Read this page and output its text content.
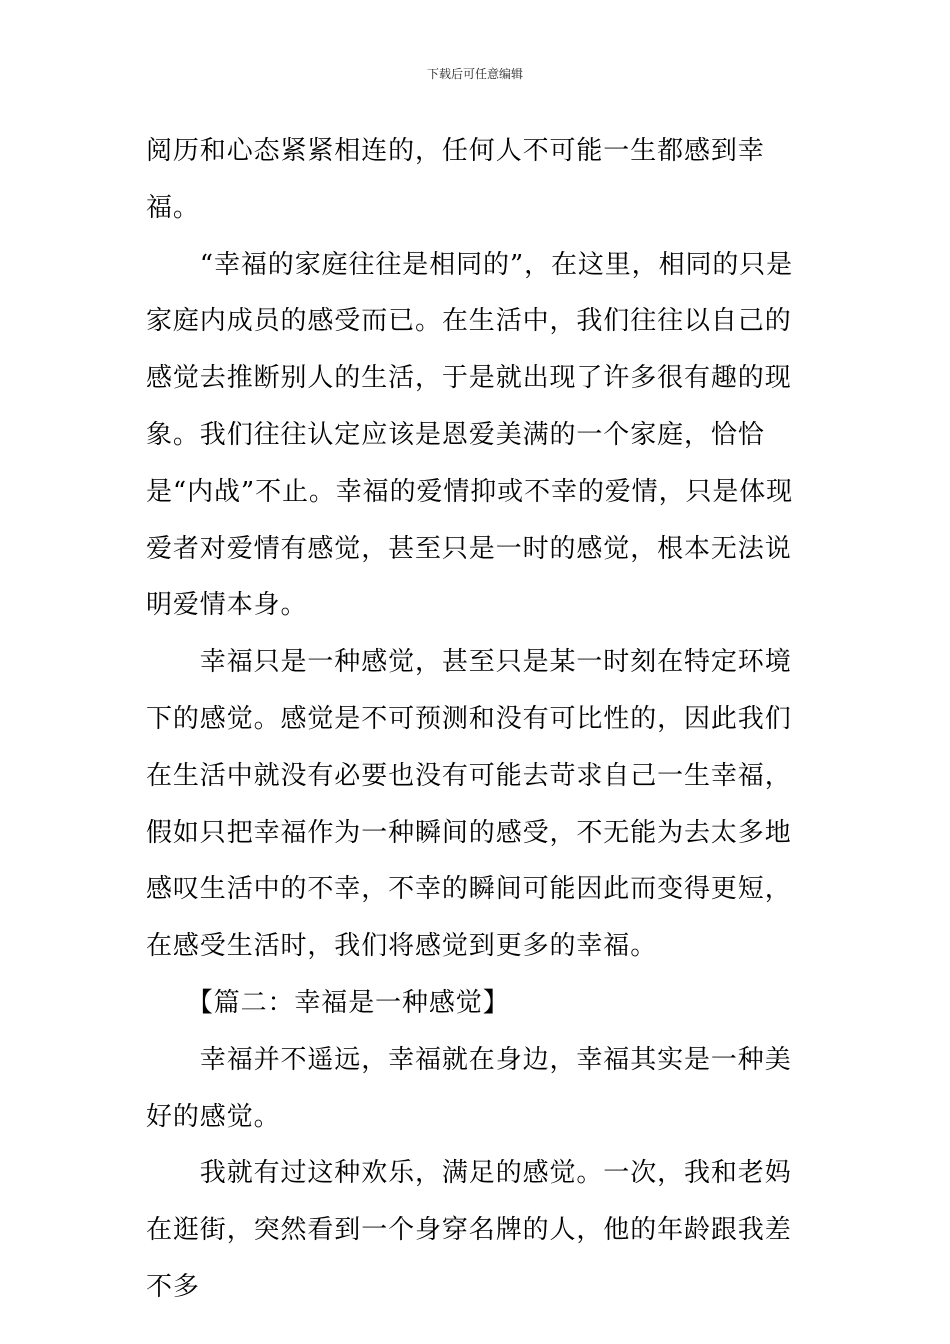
下载后可任意编辑

阅历和心态紧紧相连的，任何人不可能一生都感到幸福。

　　“幸福的家庭往往是相同的”，在这里，相同的只是家庭内成员的感受而已。在生活中，我们往往以自己的感觉去推断别人的生活，于是就出现了许多很有趣的现象。我们往往认定应该是恩爱美满的一个家庭，恰恰是“内战”不止。幸福的爱情抑或不幸的爱情，只是体现爱者对爱情有感觉，甚至只是一时的感觉，根本无法说明爱情本身。

　　幸福只是一种感觉，甚至只是某一时刻在特定环境下的感觉。感觉是不可预测和没有可比性的，因此我们在生活中就没有必要也没有可能去苛求自己一生幸福，假如只把幸福作为一种瞬间的感受，不无能为去太多地感叹生活中的不幸，不幸的瞬间可能因此而变得更短，在感受生活时，我们将感觉到更多的幸福。

　　【篇二：幸福是一种感觉】

　　幸福并不遥远，幸福就在身边，幸福其实是一种美好的感觉。

　　我就有过这种欢乐，满足的感觉。一次，我和老妈在逛街，突然看到一个身穿名牌的人，他的年龄跟我差不多
